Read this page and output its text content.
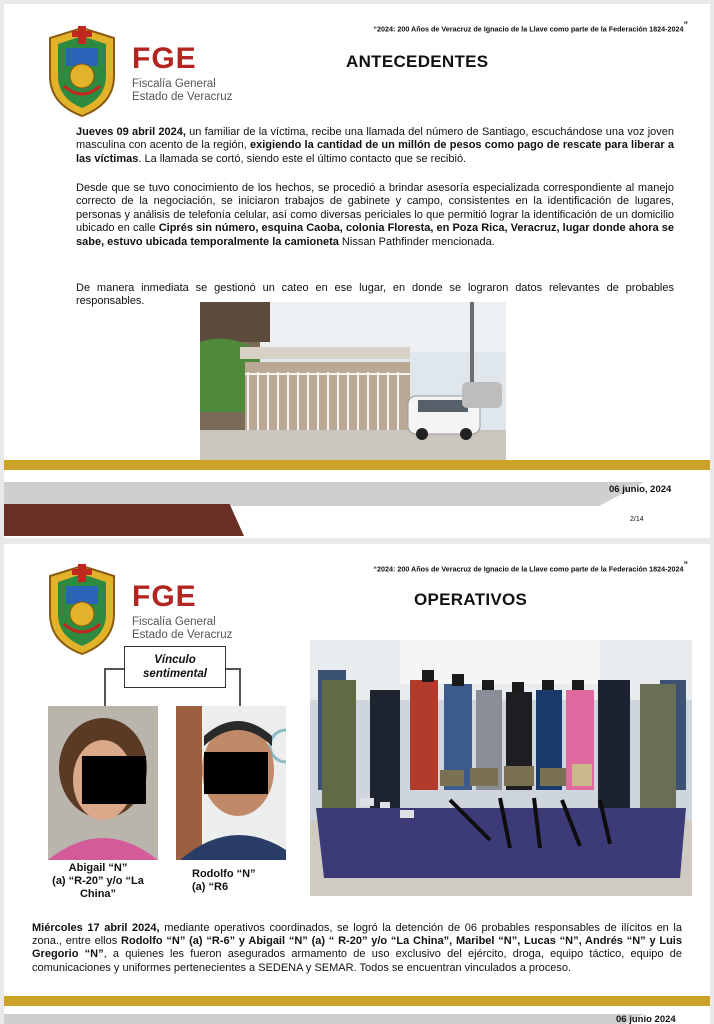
“2024: 200 Años de Veracruz de Ignacio de la Llave como parte de la Federación 1824-2024”
FGE
Fiscalía General
Estado de Veracruz
ANTECEDENTES

Jueves 09 abril 2024, un familiar de la víctima, recibe una llamada del número de Santiago, escuchándose una voz joven masculina con acento de la región, exigiendo la cantidad de un millón de pesos como pago de rescate para liberar a las víctimas. La llamada se cortó, siendo este el último contacto que se recibió.

Desde que se tuvo conocimiento de los hechos, se procedió a brindar asesoría especializada correspondiente al manejo correcto de la negociación, se iniciaron trabajos de gabinete y campo, consistentes en la identificación de lugares, personas y análisis de telefonía celular, así como diversas periciales lo que permitió lograr la identificación de un domicilio ubicado en calle Ciprés sin número, esquina Caoba, colonia Floresta, en Poza Rica, Veracruz, lugar donde ahora se sabe, estuvo ubicada temporalmente la camioneta Nissan Pathfinder mencionada.

De manera inmediata se gestionó un cateo en ese lugar, en donde se lograron datos relevantes de probables responsables.

06 junio, 2024
2/14
“2024: 200 Años de Veracruz de Ignacio de la Llave como parte de la Federación 1824-2024”
FGE
Fiscalía General
Estado de Veracruz
OPERATIVOS
Vínculo
sentimental
Abigail “N”
(a) “R-20” y/o “La
China”
Rodolfo “N”
(a) “R6

Miércoles 17 abril 2024, mediante operativos coordinados, se logró la detención de 06 probables responsables de ilícitos en la zona., entre ellos Rodolfo “N” (a) “R-6” y Abigail “N” (a) “ R-20” y/o “La China”, Maribel “N”, Lucas “N”, Andrés “N” y Luis Gregorio “N”, a quienes les fueron asegurados armamento de uso exclusivo del ejército, droga, equipo táctico, equipo de comunicaciones y uniformes pertenecientes a SEDENA y SEMAR. Todos se encuentran vinculados a proceso.

06 junio 2024
